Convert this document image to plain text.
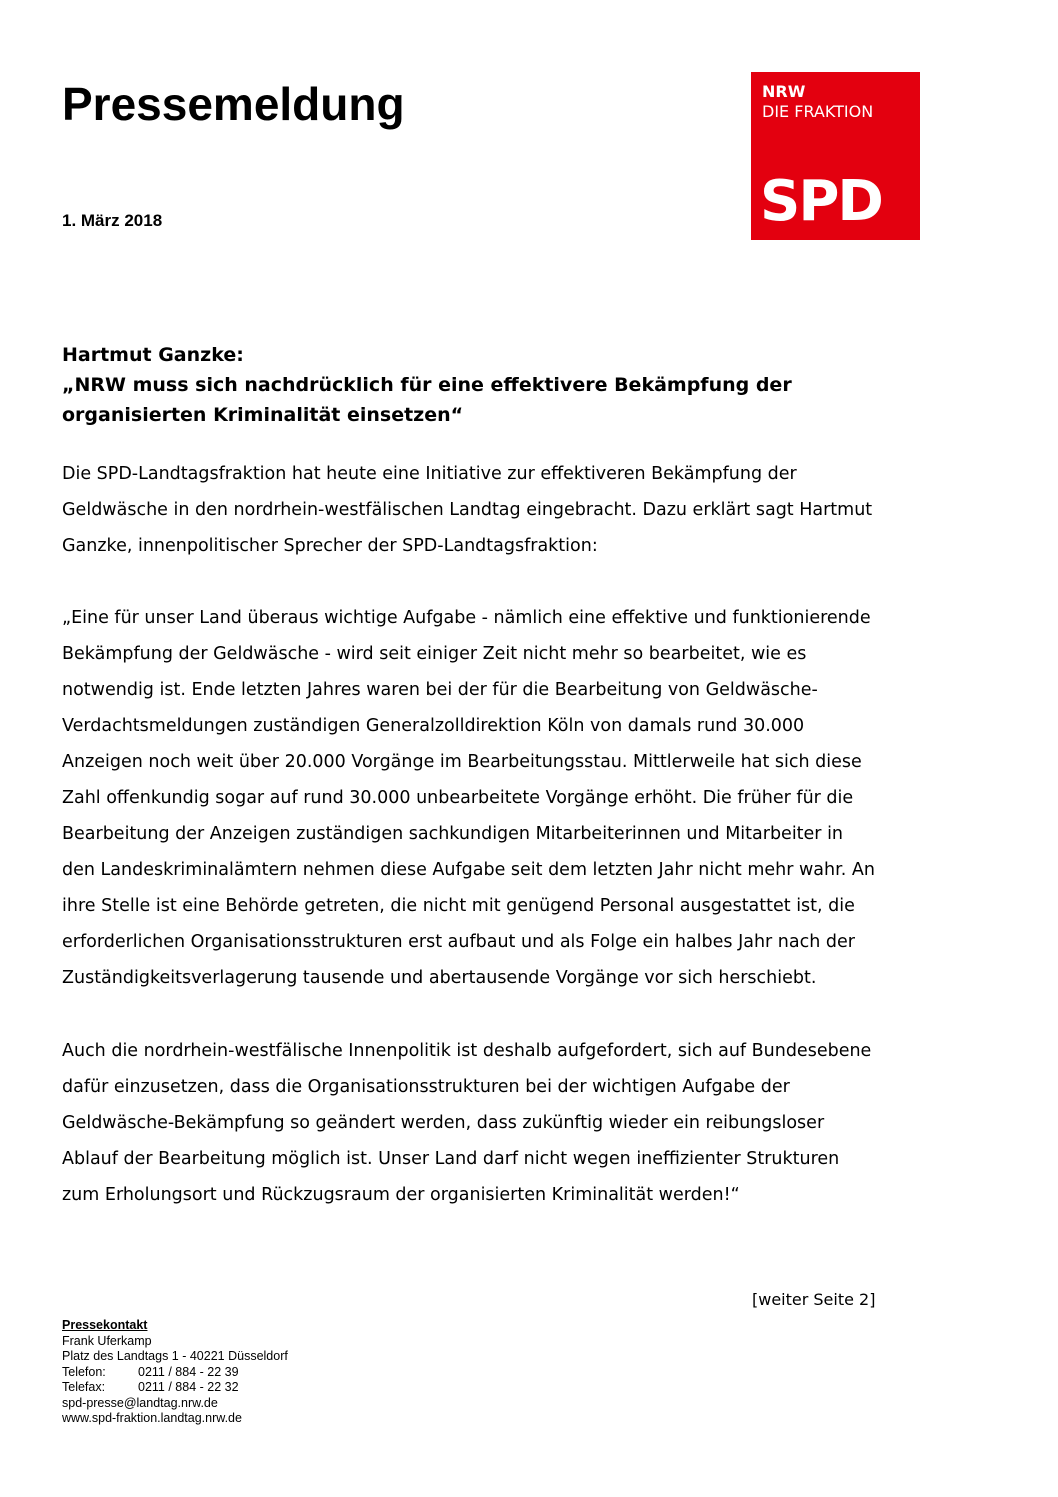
Pressemeldung
1. März 2018
NRW
DIE FRAKTION
SPD
Hartmut Ganzke:
„NRW muss sich nachdrücklich für eine effektivere Bekämpfung der
organisierten Kriminalität einsetzen“
Die SPD-Landtagsfraktion hat heute eine Initiative zur effektiveren Bekämpfung der
Geldwäsche in den nordrhein-westfälischen Landtag eingebracht. Dazu erklärt sagt Hartmut
Ganzke, innenpolitischer Sprecher der SPD-Landtagsfraktion:
„Eine für unser Land überaus wichtige Aufgabe - nämlich eine effektive und funktionierende
Bekämpfung der Geldwäsche - wird seit einiger Zeit nicht mehr so bearbeitet, wie es
notwendig ist. Ende letzten Jahres waren bei der für die Bearbeitung von Geldwäsche-
Verdachtsmeldungen zuständigen Generalzolldirektion Köln von damals rund 30.000
Anzeigen noch weit über 20.000 Vorgänge im Bearbeitungsstau. Mittlerweile hat sich diese
Zahl offenkundig sogar auf rund 30.000 unbearbeitete Vorgänge erhöht. Die früher für die
Bearbeitung der Anzeigen zuständigen sachkundigen Mitarbeiterinnen und Mitarbeiter in
den Landeskriminalämtern nehmen diese Aufgabe seit dem letzten Jahr nicht mehr wahr. An
ihre Stelle ist eine Behörde getreten, die nicht mit genügend Personal ausgestattet ist, die
erforderlichen Organisationsstrukturen erst aufbaut und als Folge ein halbes Jahr nach der
Zuständigkeitsverlagerung tausende und abertausende Vorgänge vor sich herschiebt.
Auch die nordrhein-westfälische Innenpolitik ist deshalb aufgefordert, sich auf Bundesebene
dafür einzusetzen, dass die Organisationsstrukturen bei der wichtigen Aufgabe der
Geldwäsche-Bekämpfung so geändert werden, dass zukünftig wieder ein reibungsloser
Ablauf der Bearbeitung möglich ist. Unser Land darf nicht wegen ineffizienter Strukturen
zum Erholungsort und Rückzugsraum der organisierten Kriminalität werden!“
[weiter Seite 2]
Pressekontakt
Frank Uferkamp
Platz des Landtags 1 - 40221 Düsseldorf
Telefon:	0211 / 884 - 22 39
Telefax:	0211 / 884 - 22 32
spd-presse@landtag.nrw.de
www.spd-fraktion.landtag.nrw.de
